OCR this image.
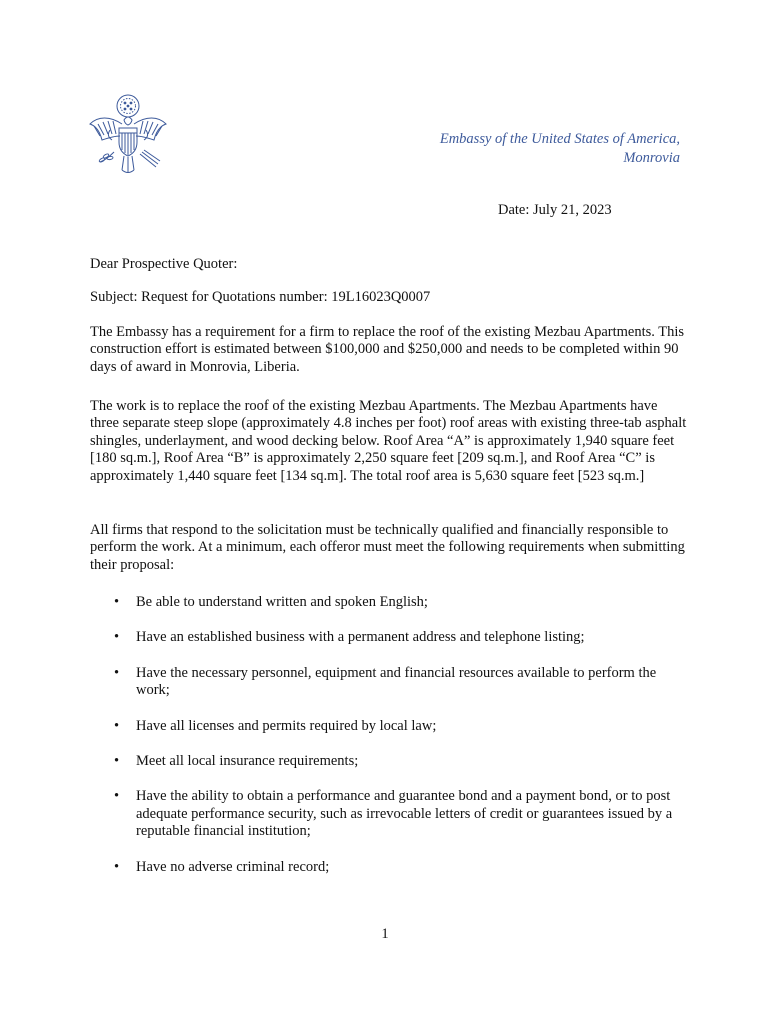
Embassy of the United States of America,
Monrovia
Date: July 21, 2023
Dear Prospective Quoter:
Subject: Request for Quotations number: 19L16023Q0007
The Embassy has a requirement for a firm to replace the roof of the existing Mezbau Apartments. This construction effort is estimated between $100,000 and $250,000 and needs to be completed within 90 days of award in Monrovia, Liberia.
The work is to replace the roof of the existing Mezbau Apartments. The Mezbau Apartments have three separate steep slope (approximately 4.8 inches per foot) roof areas with existing three-tab asphalt shingles, underlayment, and wood decking below. Roof Area “A” is approximately 1,940 square feet [180 sq.m.], Roof Area “B” is approximately 2,250 square feet [209 sq.m.], and Roof Area “C” is approximately 1,440 square feet [134 sq.m]. The total roof area is 5,630 square feet [523 sq.m.]
All firms that respond to the solicitation must be technically qualified and financially responsible to perform the work. At a minimum, each offeror must meet the following requirements when submitting their proposal:
• Be able to understand written and spoken English;
• Have an established business with a permanent address and telephone listing;
• Have the necessary personnel, equipment and financial resources available to perform the work;
• Have all licenses and permits required by local law;
• Meet all local insurance requirements;
• Have the ability to obtain a performance and guarantee bond and a payment bond, or to post adequate performance security, such as irrevocable letters of credit or guarantees issued by a reputable financial institution;
• Have no adverse criminal record;
1
